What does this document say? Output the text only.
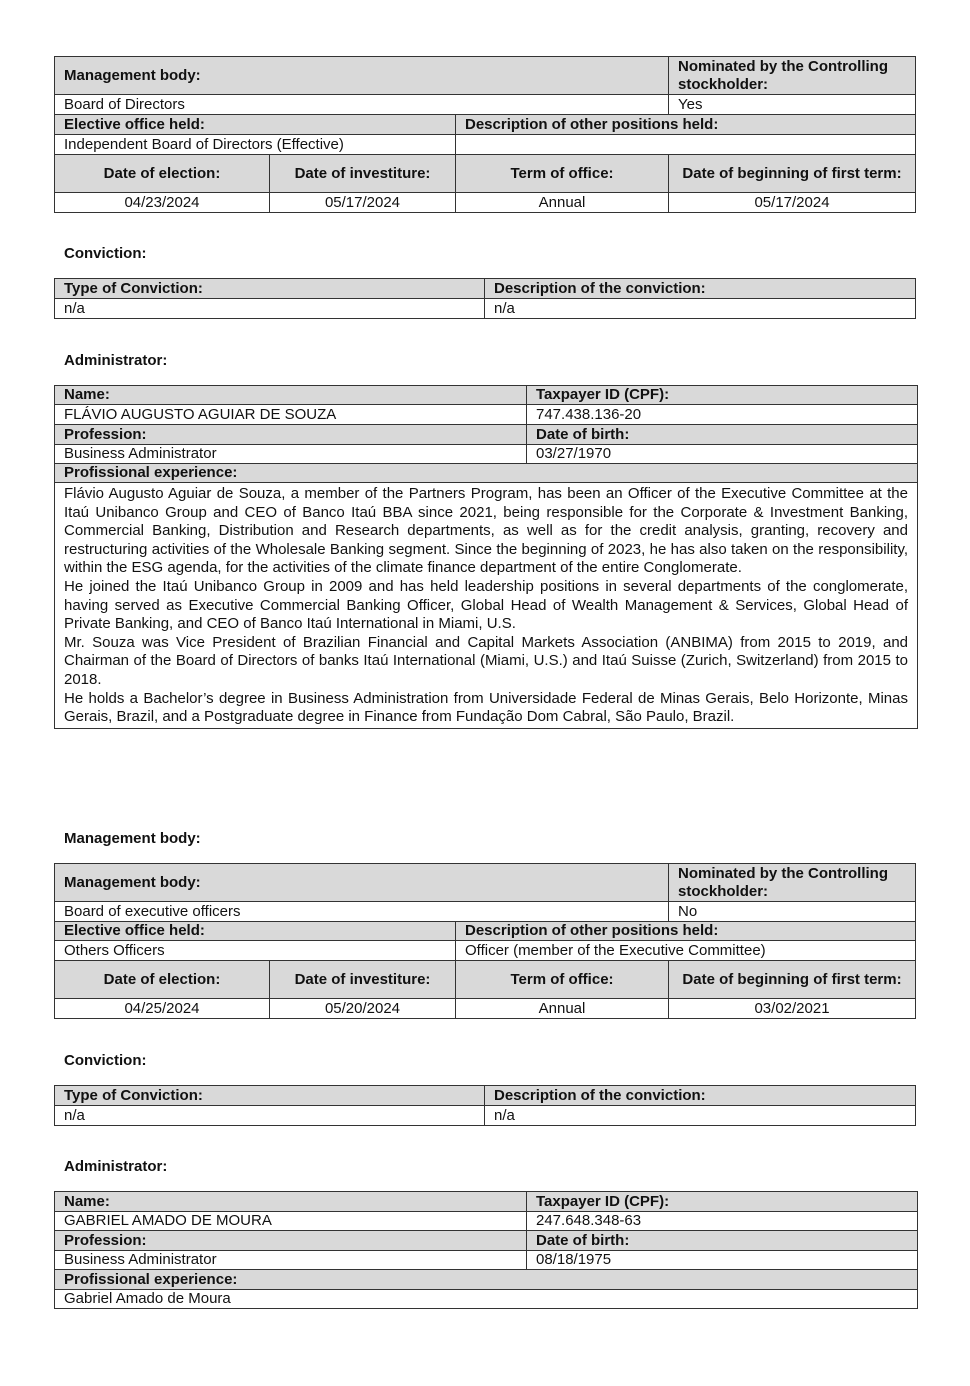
Management body:			Nominated by the Controlling stockholder:
Board of Directors			Yes
Elective office held:		Description of other positions held:	
Independent Board of Directors (Effective)			
Date of election:	Date of investiture:	Term of office:	Date of beginning of first term:
04/23/2024	05/17/2024	Annual	05/17/2024
Conviction:
Type of Conviction:	Description of the conviction:
n/a	n/a
Administrator:
Name:	Taxpayer ID (CPF):
FLÁVIO AUGUSTO AGUIAR DE SOUZA	747.438.136-20
Profession:	Date of birth:
Business Administrator	03/27/1970
Profissional experience:	

Flávio Augusto Aguiar de Souza, a member of the Partners Program, has been an Officer of the Executive Committee at the Itaú Unibanco Group and CEO of Banco Itaú BBA since 2021, being responsible for the Corporate & Investment Banking, Commercial Banking, Distribution and Research departments, as well as for the credit analysis, granting, recovery and restructuring activities of the Wholesale Banking segment. Since the beginning of 2023, he has also taken on the responsibility, within the ESG agenda, for the activities of the climate finance department of the entire Conglomerate.

He joined the Itaú Unibanco Group in 2009 and has held leadership positions in several departments of the conglomerate, having served as Executive Commercial Banking Officer, Global Head of Wealth Management & Services, Global Head of Private Banking, and CEO of Banco Itaú International in Miami, U.S.

Mr. Souza was Vice President of Brazilian Financial and Capital Markets Association (ANBIMA) from 2015 to 2019, and Chairman of the Board of Directors of banks Itaú International (Miami, U.S.) and Itaú Suisse (Zurich, Switzerland) from 2015 to 2018.

He holds a Bachelor’s degree in Business Administration from Universidade Federal de Minas Gerais, Belo Horizonte, Minas Gerais, Brazil, and a Postgraduate degree in Finance from Fundação Dom Cabral, São Paulo, Brazil.	

Management body:
Management body:			Nominated by the Controlling stockholder:
Board of executive officers			No
Elective office held:		Description of other positions held:	
Others Officers		Officer (member of the Executive Committee)	
Date of election:	Date of investiture:	Term of office:	Date of beginning of first term:
04/25/2024	05/20/2024	Annual	03/02/2021
Conviction:
Type of Conviction:	Description of the conviction:
n/a	n/a
Administrator:
Name:	Taxpayer ID (CPF):
GABRIEL AMADO DE MOURA	247.648.348-63
Profession:	Date of birth:
Business Administrator	08/18/1975
Profissional experience:	
Gabriel Amado de Moura	
